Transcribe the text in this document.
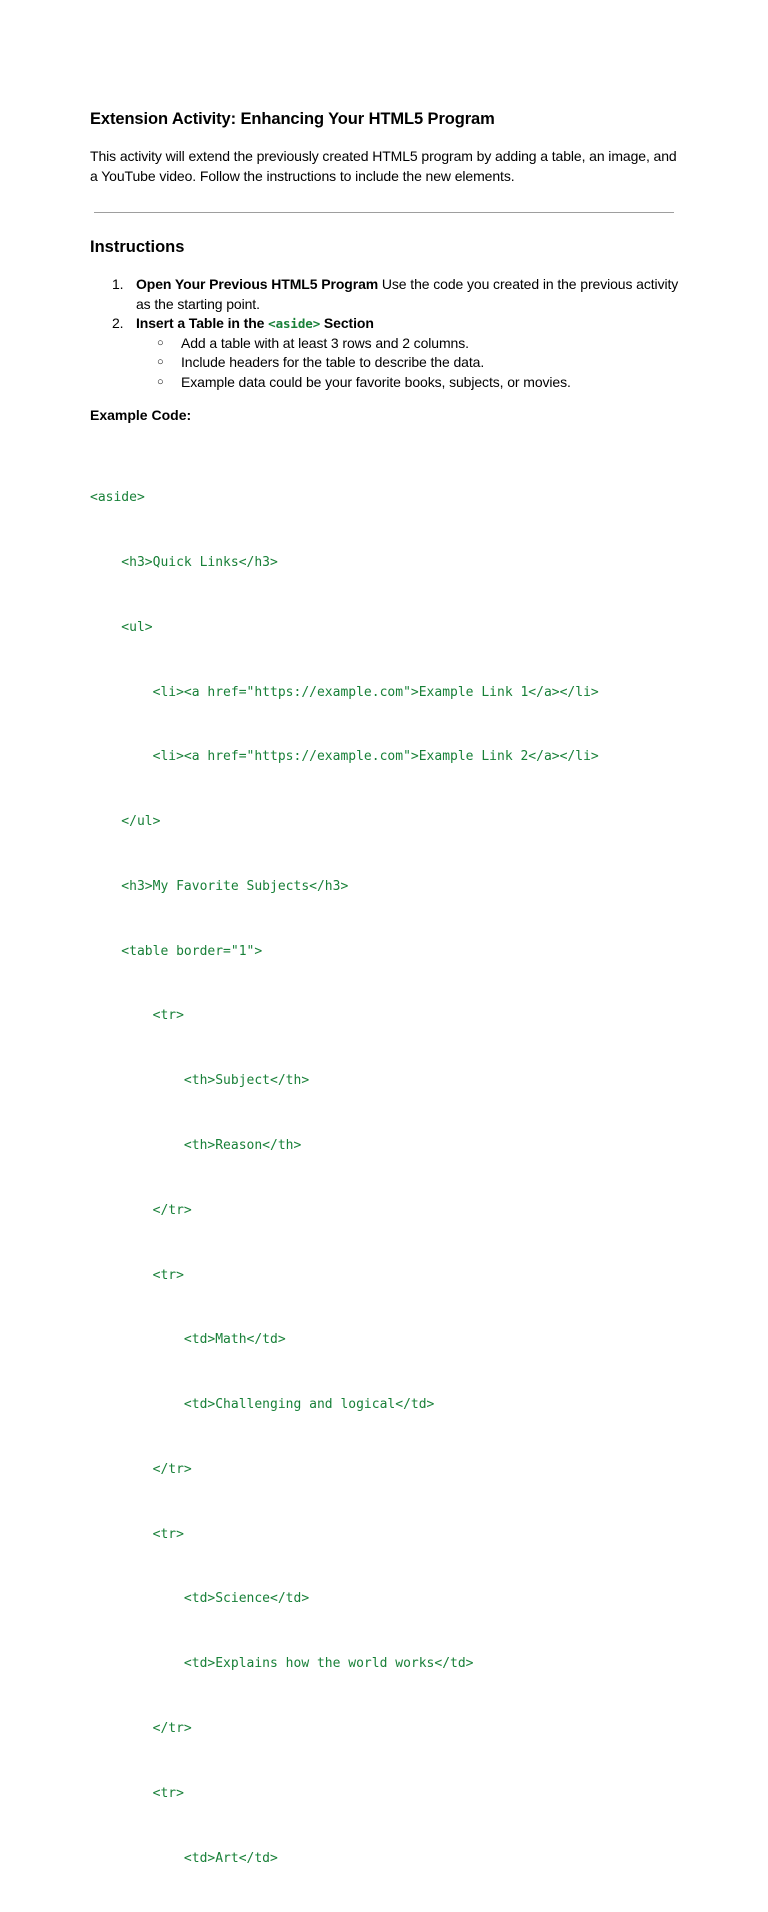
Extension Activity: Enhancing Your HTML5 Program
This activity will extend the previously created HTML5 program by adding a table, an image, and a YouTube video. Follow the instructions to include the new elements.
Instructions
1. Open Your Previous HTML5 Program Use the code you created in the previous activity as the starting point.
2. Insert a Table in the <aside> Section
○ Add a table with at least 3 rows and 2 columns.
○ Include headers for the table to describe the data.
○ Example data could be your favorite books, subjects, or movies.
Example Code:

<aside>

<h3>Quick Links</h3>

<ul>

<li><a href="https://example.com">Example Link 1</a></li>

<li><a href="https://example.com">Example Link 2</a></li>

</ul>

<h3>My Favorite Subjects</h3>

<table border="1">

<tr>

<th>Subject</th>

<th>Reason</th>

</tr>

<tr>

<td>Math</td>

<td>Challenging and logical</td>

</tr>

<tr>

<td>Science</td>

<td>Explains how the world works</td>

</tr>

<tr>

<td>Art</td>
